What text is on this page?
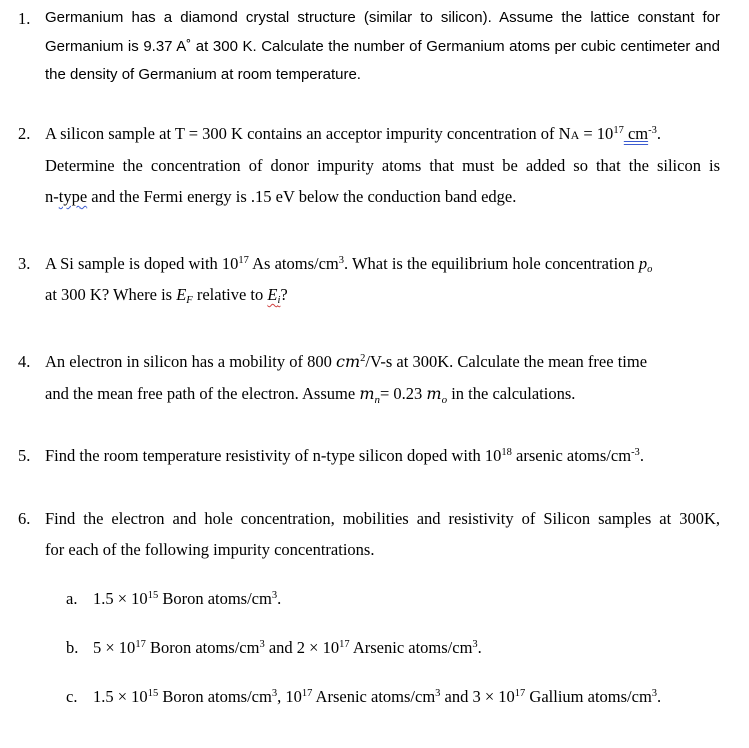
1. Germanium has a diamond crystal structure (similar to silicon). Assume the lattice constant for
Germanium is 9.37 A˚ at 300 K. Calculate the number of Germanium atoms per cubic centimeter and
the density of Germanium at room temperature.
2. A silicon sample at T = 300 K contains an acceptor impurity concentration of NA = $10^{17}$ $cm^{-3}$.
Determine the concentration of donor impurity atoms that must be added so that the silicon is
n-type and the Fermi energy is .15 eV below the conduction band edge.
3. A Si sample is doped with $10^{17}$ As atoms/$cm^3$. What is the equilibrium hole concentration po
at 300 K? Where is EF relative to Ei?
4. An electron in silicon has a mobility of 800 $cm^2/V-s$ at 300K. Calculate the mean free time
and the mean free path of the electron. Assume $m_n= 0.23$ $m_o$ in the calculations.
5. Find the room temperature resistivity of n-type silicon doped with $10^{18}$ arsenic atoms/$cm^{-3}$.
6. Find the electron and hole concentration, mobilities and resistivity of Silicon samples at 300K,
for each of the following impurity concentrations.
a. $1.5 \times 10^{15}$ Boron atoms/$cm^3$.
b. $5 \times 10^{17}$ Boron atoms/$cm^3$ and $2 \times 10^{17}$ Arsenic atoms/$cm^3$.
c. $1.5 \times 10^{15}$ Boron atoms/$cm^3$, $10^{17}$ Arsenic atoms/$cm^3$ and $3 \times 10^{17}$ Gallium atoms/$cm^3$.
